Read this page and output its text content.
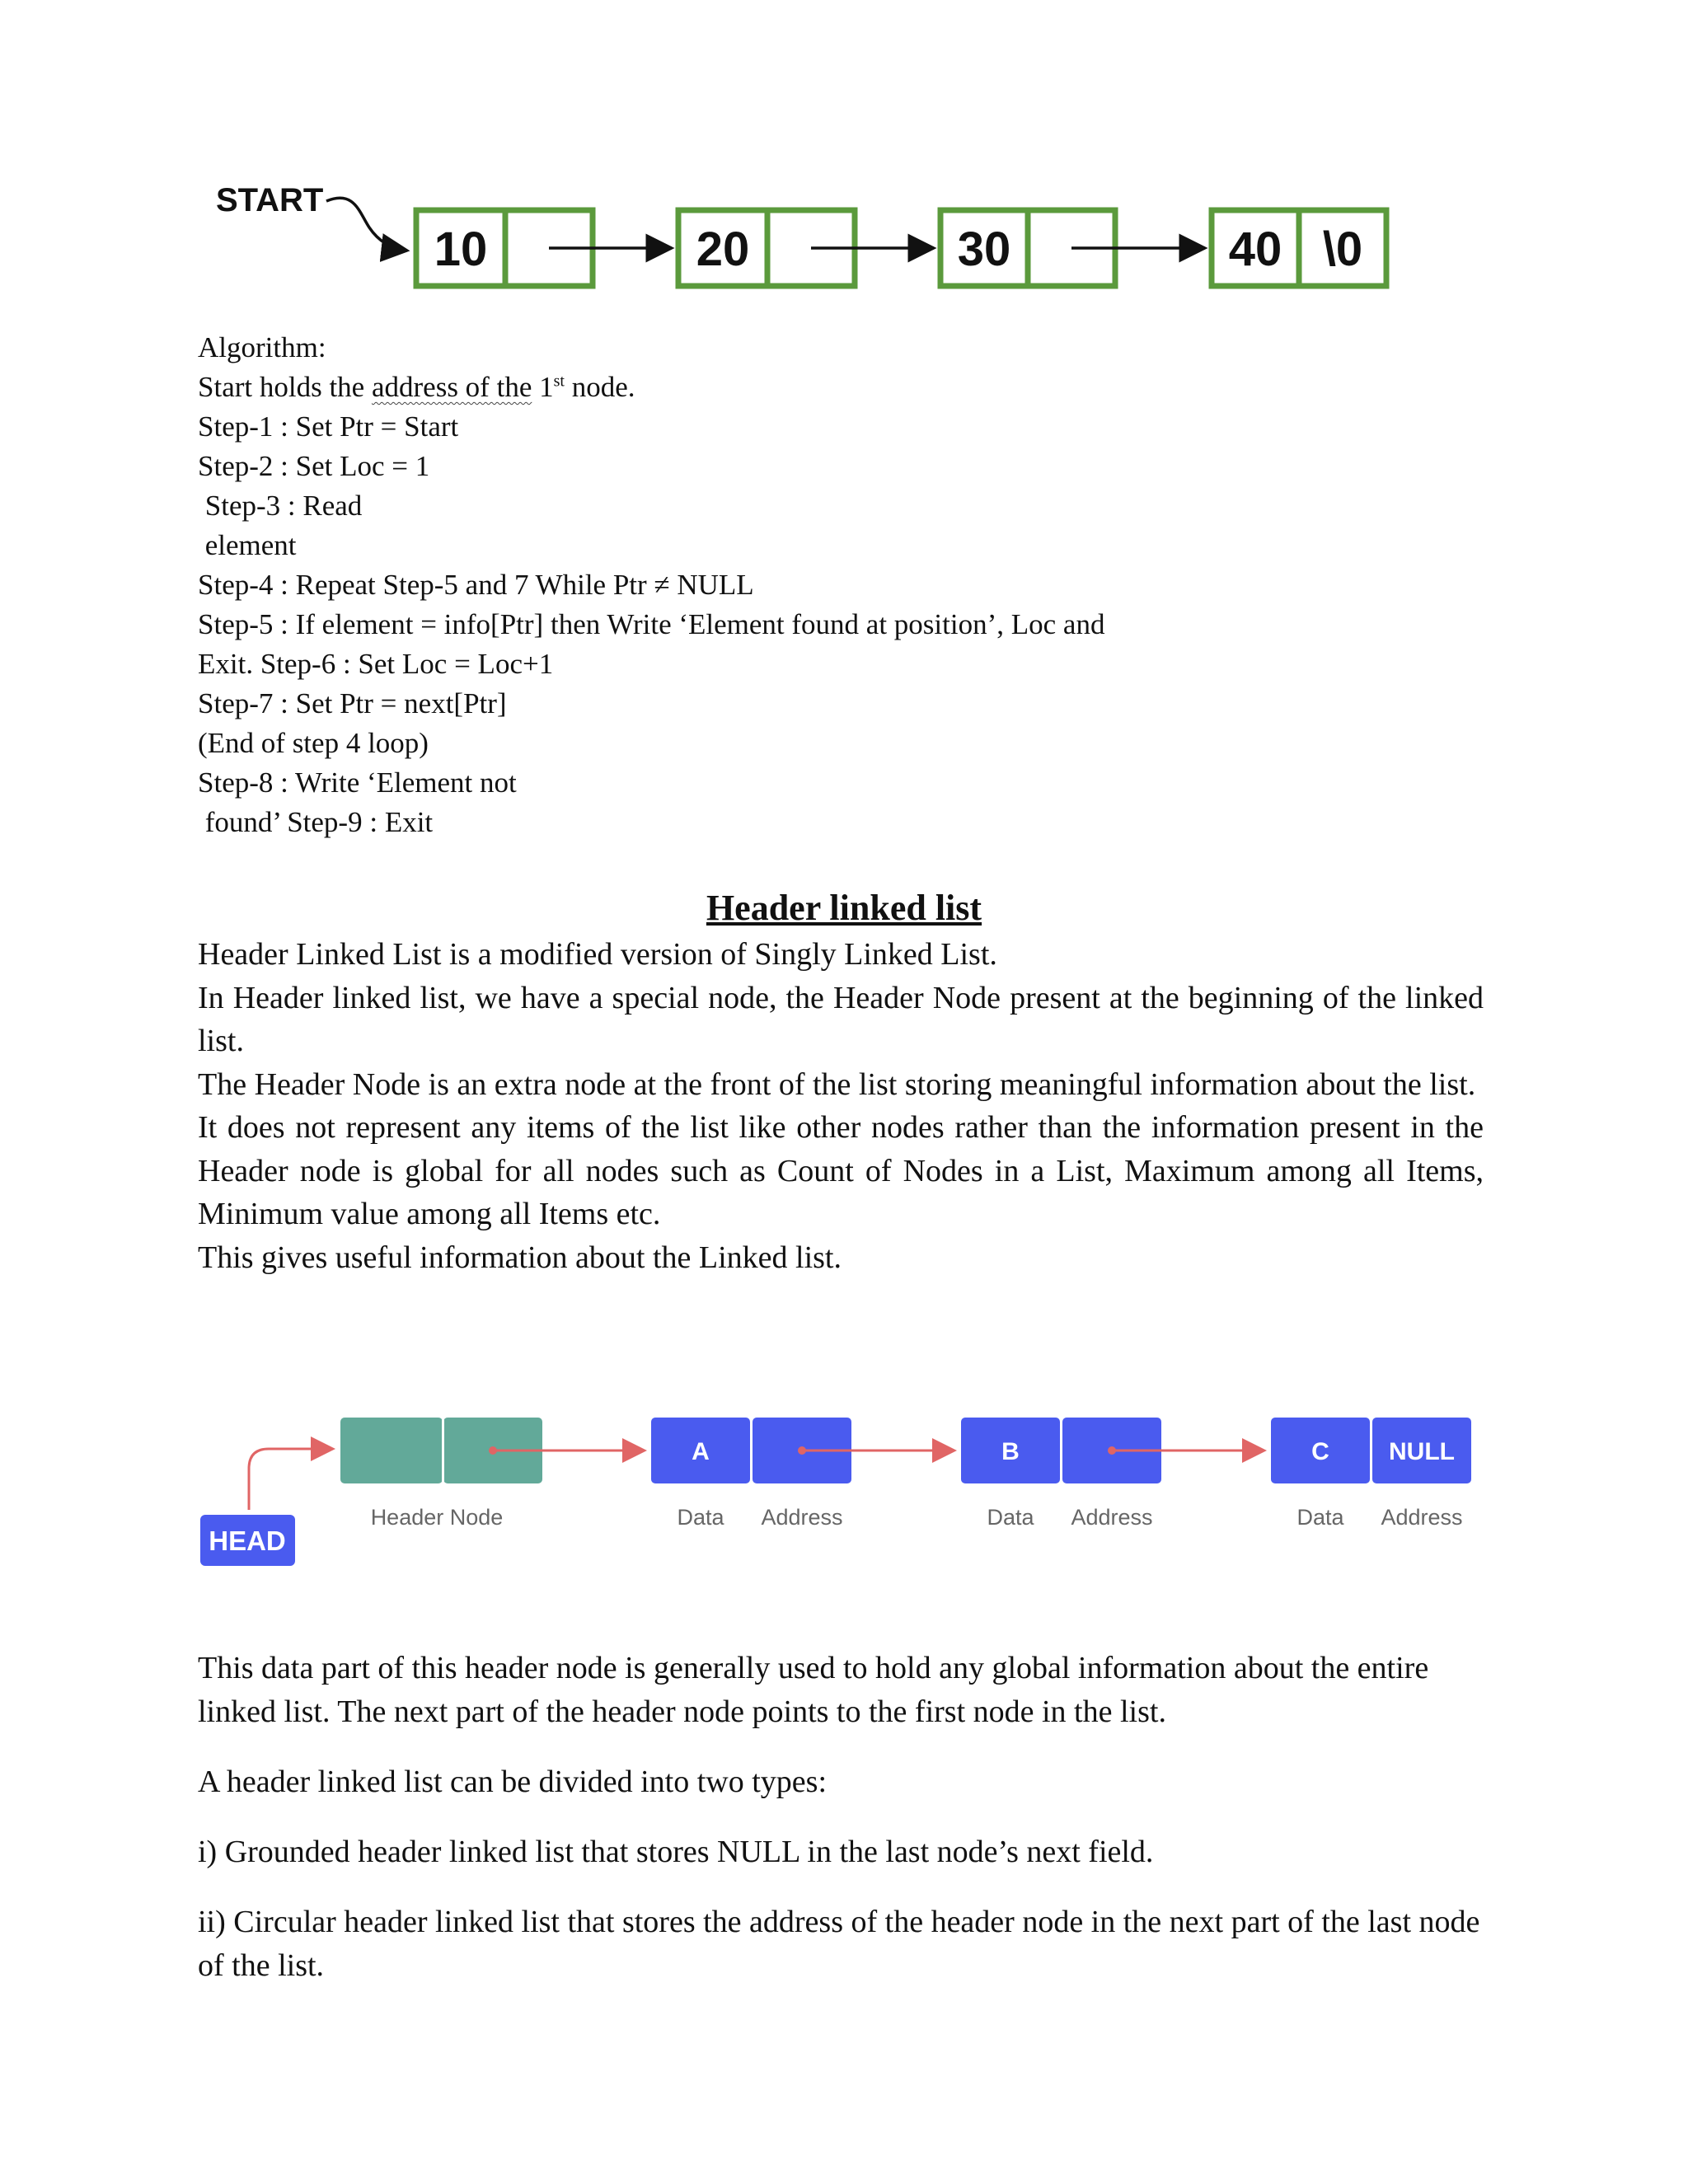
START
10	20	30	40 \0
Algorithm:
Start holds the address of the 1st node.
Step-1 : Set Ptr = Start
Step-2 : Set Loc = 1
Step-3 : Read
element
Step-4 : Repeat Step-5 and 7 While Ptr ≠ NULL
Step-5 : If element = info[Ptr] then Write ‘Element found at position’, Loc and
Exit. Step-6 : Set Loc = Loc+1
Step-7 : Set Ptr = next[Ptr]
(End of step 4 loop)
Step-8 : Write ‘Element not
found’ Step-9 : Exit
Header linked list

Header Linked List is a modified version of Singly Linked List.

In Header linked list, we have a special node, the Header Node present at the beginning of the linked list.

The Header Node is an extra node at the front of the list storing meaningful information about the list.

It does not represent any items of the list like other nodes rather than the information present in the Header node is global for all nodes such as Count of Nodes in a List, Maximum among all Items, Minimum value among all Items etc.

This gives useful information about the Linked list.

HEAD
Header Node
A
Data Address
B
Data Address
C NULL
Data Address

This data part of this header node is generally used to hold any global information about the entire linked list. The next part of the header node points to the first node in the list.

A header linked list can be divided into two types:

i) Grounded header linked list that stores NULL in the last node’s next field.

ii) Circular header linked list that stores the address of the header node in the next part of the last node of the list.
